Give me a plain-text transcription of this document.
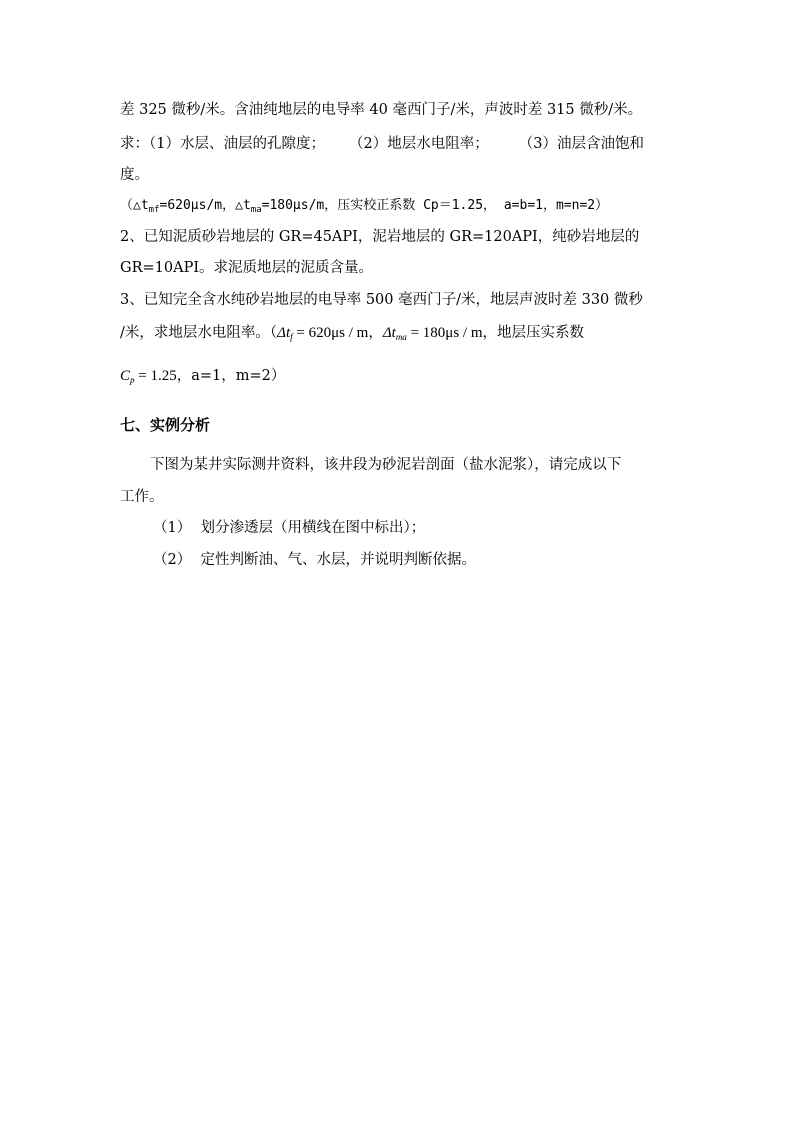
差 325 微秒/米。含油纯地层的电导率 40 毫西门子/米，声波时差 315 微秒/米。
求：（1）水层、油层的孔隙度； （2）地层水电阻率； （3）油层含油饱和
度。
（$\triangle t_{mf}=620\mu s/m$，$\triangle t_{ma}=180\mu s/m$，压实校正系数 Cp＝1.25， a=b=1，m=n=2）
2、已知泥质砂岩地层的 GR=45API，泥岩地层的 GR=120API，纯砂岩地层的
GR=10API。求泥质地层的泥质含量。
3、已知完全含水纯砂岩地层的电导率 500 毫西门子/米，地层声波时差 330 微秒
/米，求地层水电阻率。（$\Delta t_f = 620\mu s / m$，$\Delta t_{ma} = 180\mu s / m$，地层压实系数
$C_p = 1.25$，a=1，m=2）
七、实例分析
下图为某井实际测井资料，该井段为砂泥岩剖面（盐水泥浆），请完成以下
工作。
（1） 划分渗透层（用横线在图中标出）；
（2） 定性判断油、气、水层，并说明判断依据。
